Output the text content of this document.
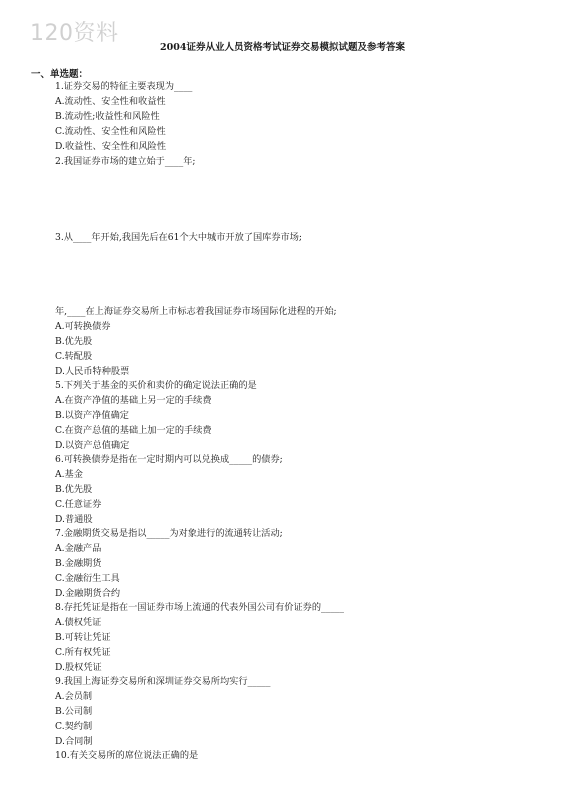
120资料
2004证券从业人员资格考试证券交易模拟试题及参考答案
一、单选题：
1.证券交易的特征主要表现为____
A.流动性、安全性和收益性
B.流动性;收益性和风险性
C.流动性、安全性和风险性
D.收益性、安全性和风险性
2.我国证券市场的建立始于____年;
3.从____年开始,我国先后在61个大中城市开放了国库券市场;
年,____在上海证券交易所上市标志着我国证券市场国际化进程的开始;
A.可转换债券
B.优先股
C.转配股
D.人民币特种股票
5.下列关于基金的买价和卖价的确定说法正确的是
A.在资产净值的基础上另一定的手续费
B.以资产净值确定
C.在资产总值的基础上加一定的手续费
D.以资产总值确定
6.可转换债券是指在一定时期内可以兑换成_____的债券;
A.基金
B.优先股
C.任意证券
D.普通股
7.金融期货交易是指以_____为对象进行的流通转让活动;
A.金融产品
B.金融期货
C.金融衍生工具
D.金融期货合约
8.存托凭证是指在一国证券市场上流通的代表外国公司有价证券的_____
A.债权凭证
B.可转让凭证
C.所有权凭证
D.股权凭证
9.我国上海证券交易所和深圳证券交易所均实行_____
A.会员制
B.公司制
C.契约制
D.合同制
10.有关交易所的席位说法正确的是
